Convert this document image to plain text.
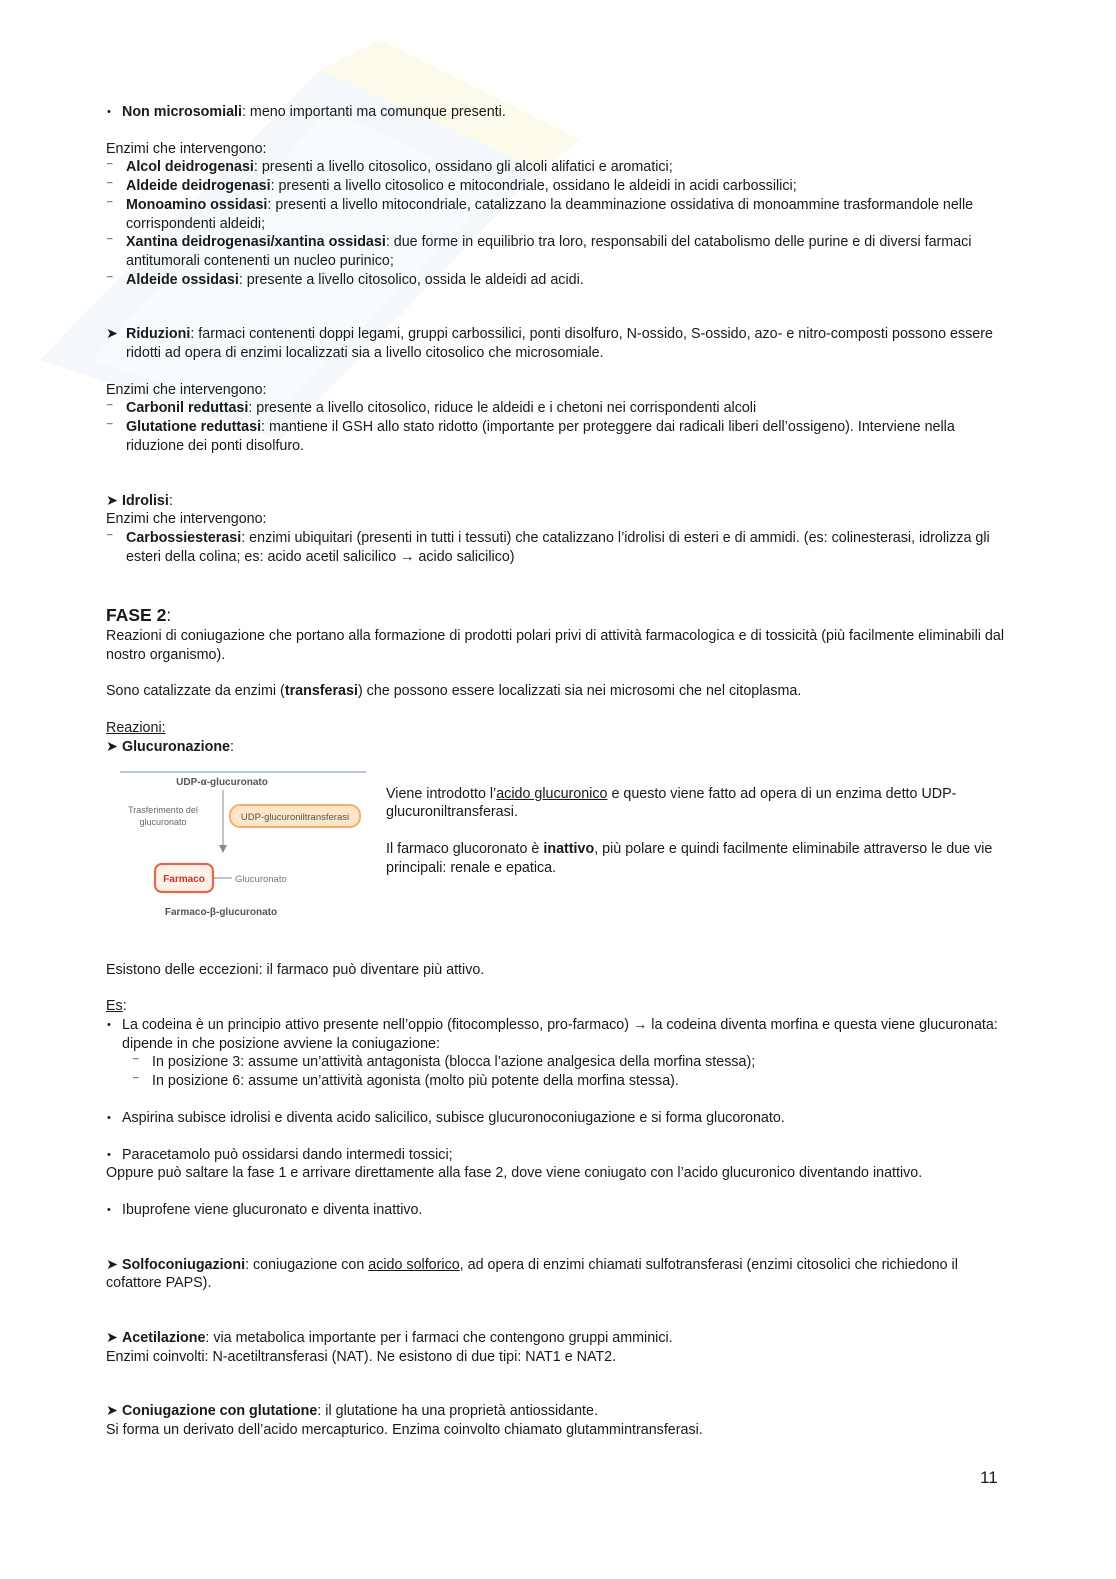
• Non microsomiali: meno importanti ma comunque presenti.

Enzimi che intervengono:

⁻ Alcol deidrogenasi: presenti a livello citosolico, ossidano gli alcoli alifatici e aromatici;

⁻ Aldeide deidrogenasi: presenti a livello citosolico e mitocondriale, ossidano le aldeidi in acidi carbossilici;

⁻ Monoamino ossidasi: presenti a livello mitocondriale, catalizzano la deamminazione ossidativa di monoammine trasformandole nelle corrispondenti aldeidi;

⁻ Xantina deidrogenasi/xantina ossidasi: due forme in equilibrio tra loro, responsabili del catabolismo delle purine e di diversi farmaci antitumorali contenenti un nucleo purinico;

⁻ Aldeide ossidasi: presente a livello citosolico, ossida le aldeidi ad acidi.

➤ Riduzioni: farmaci contenenti doppi legami, gruppi carbossilici, ponti disolfuro, N-ossido, S-ossido, azo- e nitro-composti possono essere ridotti ad opera di enzimi localizzati sia a livello citosolico che microsomiale.

Enzimi che intervengono:

⁻ Carbonil reduttasi: presente a livello citosolico, riduce le aldeidi e i chetoni nei corrispondenti alcoli

⁻ Glutatione reduttasi: mantiene il GSH allo stato ridotto (importante per proteggere dai radicali liberi dell’ossigeno). Interviene nella riduzione dei ponti disolfuro.

➤ Idrolisi:

Enzimi che intervengono:

⁻ Carbossiesterasi: enzimi ubiquitari (presenti in tutti i tessuti) che catalizzano l’idrolisi di esteri e di ammidi. (es: colinesterasi, idrolizza gli esteri della colina; es: acido acetil salicilico → acido salicilico)

FASE 2:

Reazioni di coniugazione che portano alla formazione di prodotti polari privi di attività farmacologica e di tossicità (più facilmente eliminabili dal nostro organismo).

Sono catalizzate da enzimi (transferasi) che possono essere localizzati sia nei microsomi che nel citoplasma.

Reazioni:

➤ Glucuronazione:

UDP-α-glucuronato
Trasferimento del
glucuronato	UDP-glucuroniltransferasi
Farmaco	Glucuronato
Farmaco-β-glucuronato

Viene introdotto l’acido glucuronico e questo viene fatto ad opera di un enzima detto UDP-glucuroniltransferasi.

Il farmaco glucoronato è inattivo, più polare e quindi facilmente eliminabile attraverso le due vie principali: renale e epatica.

Esistono delle eccezioni: il farmaco può diventare più attivo.

Es:

• La codeina è un principio attivo presente nell’oppio (fitocomplesso, pro-farmaco) → la codeina diventa morfina e questa viene glucuronata: dipende in che posizione avviene la coniugazione:

⁻ In posizione 3: assume un’attività antagonista (blocca l’azione analgesica della morfina stessa);

⁻ In posizione 6: assume un’attività agonista (molto più potente della morfina stessa).

• Aspirina subisce idrolisi e diventa acido salicilico, subisce glucuronoconiugazione e si forma glucoronato.

• Paracetamolo può ossidarsi dando intermedi tossici;

Oppure può saltare la fase 1 e arrivare direttamente alla fase 2, dove viene coniugato con l’acido glucuronico diventando inattivo.

• Ibuprofene viene glucuronato e diventa inattivo.

➤ Solfoconiugazioni: coniugazione con acido solforico, ad opera di enzimi chiamati sulfotransferasi (enzimi citosolici che richiedono il cofattore PAPS).

➤ Acetilazione: via metabolica importante per i farmaci che contengono gruppi amminici.

Enzimi coinvolti: N-acetiltransferasi (NAT). Ne esistono di due tipi: NAT1 e NAT2.

➤ Coniugazione con glutatione: il glutatione ha una proprietà antiossidante.

Si forma un derivato dell’acido mercapturico. Enzima coinvolto chiamato glutammintransferasi.

11
